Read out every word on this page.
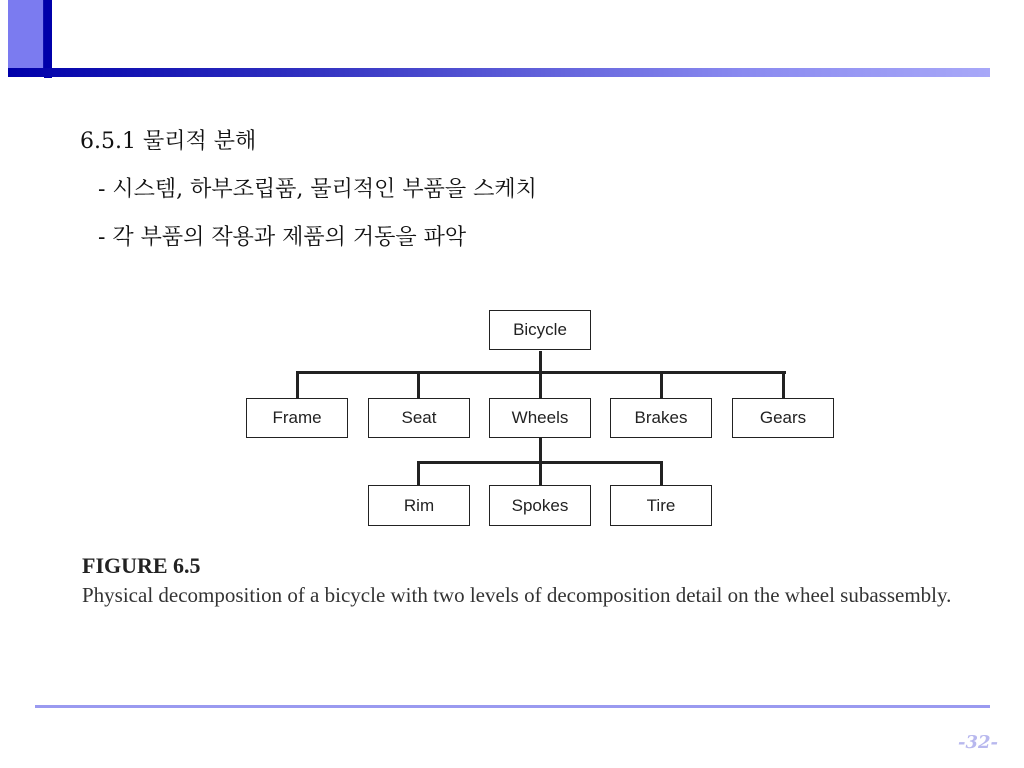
6.5.1 물리적 분해
- 시스템, 하부조립품, 물리적인 부품을 스케치
- 각 부품의 작용과 제품의 거동을 파악
Bicycle
Frame	Seat	Wheels	Brakes	Gears
Rim	Spokes	Tire
FIGURE 6.5
Physical decomposition of a bicycle with two levels of decomposition detail on the wheel subassembly.
-32-
